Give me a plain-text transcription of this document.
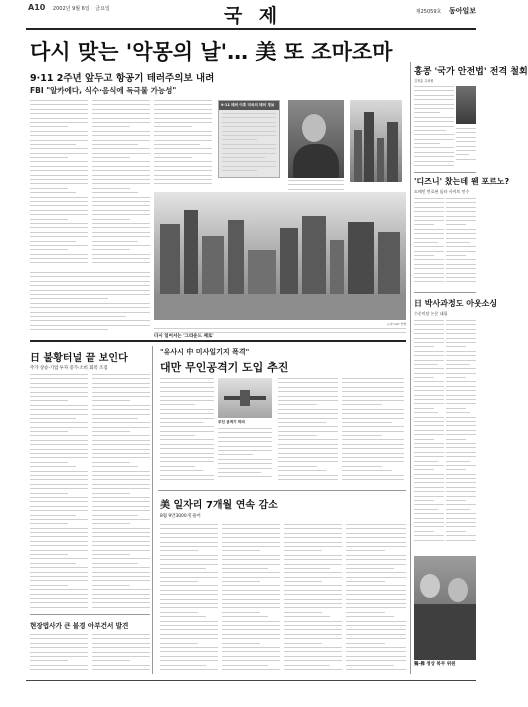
A10 2002년 9월 6일 금요일	국 제	제25059호 동아일보
다시 맞는 '악몽의 날'… 美 또 조마조마
9·11 2주년 앞두고 항공기 테러주의보 내려
FBI "알카에다, 식수·음식에 독극물 가능성"
9·11 테러 이후 미국의 테러 경보
다시 일어서는 '그라운드 제로'
뉴욕=AP 연합
홍콩 '국가 안전법' 전격 철회
김정훈 특파원
'디즈니' 찼는데 웬 포르노?
도메인 만료된 틈타 사이트 인수
日 박사과정도 아웃소싱
수준미달 논문 대필
獨·佛 정상 복무 위원
日 불황터널 끝 보인다
주가 상승·기업 투자 증가·소비 회복 조짐
"유사시 中 미사일기지 폭격"
대만 무인공격기 도입 추진
무인 공격기 하피
美 일자리 7개월 연속 감소
8월 9만3000개 줄어
현장법사가 큰 불경 아부건서 발견
